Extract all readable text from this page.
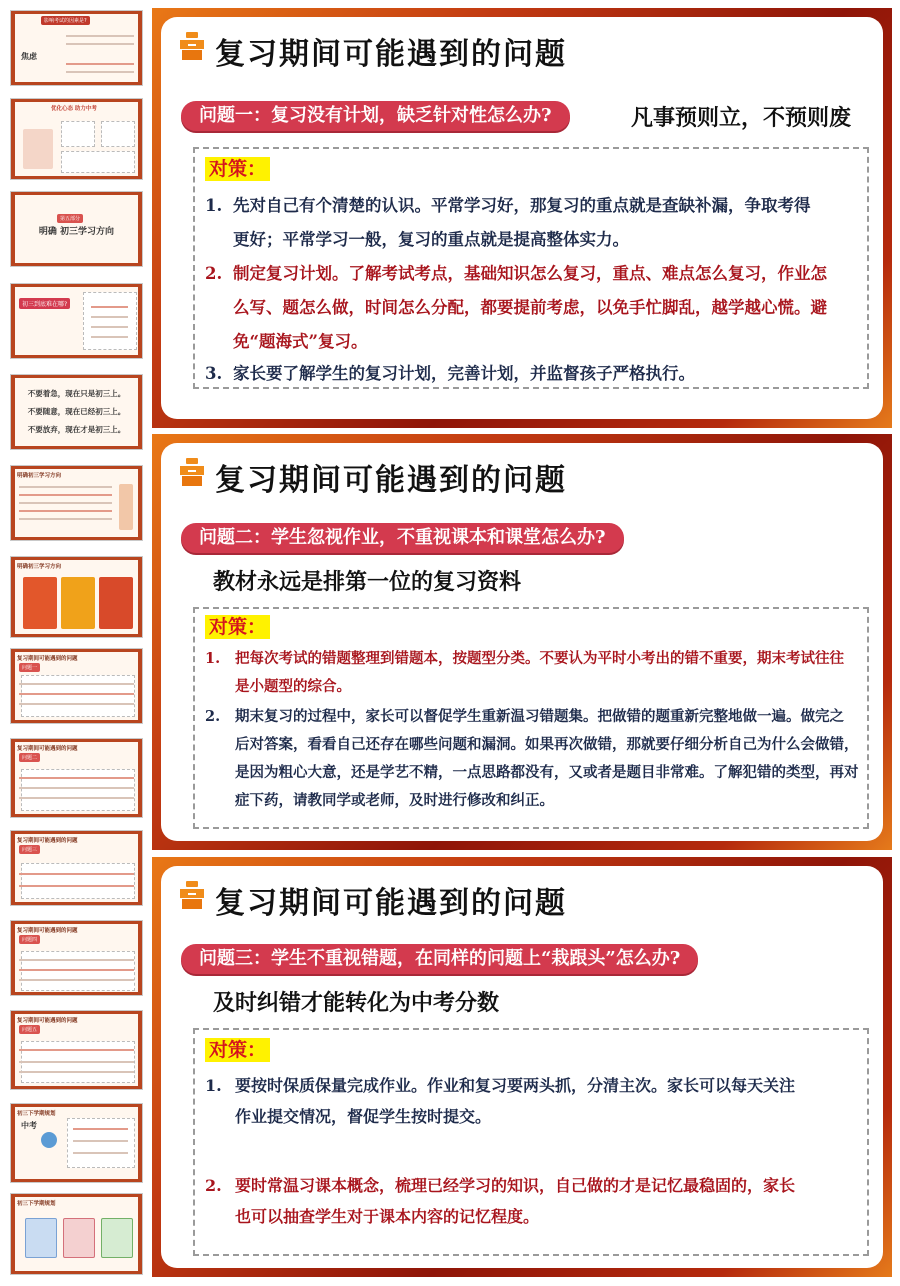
影响考试的因素是?
焦虑
优化心态 助力中考
第五部分
明确 初三学习方向
初三到底难在哪?
不要着急，现在只是初三上。
不要随意，现在已经初三上。
不要放弃，现在才是初三上。
明确初三学习方向
明确初三学习方向
复习期间可能遇到的问题
问题一
复习期间可能遇到的问题
问题二
复习期间可能遇到的问题
问题三
复习期间可能遇到的问题
问题四
复习期间可能遇到的问题
问题五
初三下学期规划
中考
初三下学期规划
复习期间可能遇到的问题
问题一：复习没有计划，缺乏针对性怎么办?	凡事预则立，不预则废
对策：
1. 先对自己有个清楚的认识。平常学习好，那复习的重点就是查缺补漏，争取考得
更好；平常学习一般，复习的重点就是提高整体实力。
2. 制定复习计划。了解考试考点，基础知识怎么复习，重点、难点怎么复习，作业怎
么写、题怎么做，时间怎么分配，都要提前考虑，以免手忙脚乱，越学越心慌。避
免“题海式”复习。
3. 家长要了解学生的复习计划，完善计划，并监督孩子严格执行。
复习期间可能遇到的问题
问题二：学生忽视作业，不重视课本和课堂怎么办?
教材永远是排第一位的复习资料
对策：
1.	把每次考试的错题整理到错题本，按题型分类。不要认为平时小考出的错不重要，期末考试往往
是小题型的综合。
2.	期末复习的过程中，家长可以督促学生重新温习错题集。把做错的题重新完整地做一遍。做完之
后对答案，看看自己还存在哪些问题和漏洞。如果再次做错，那就要仔细分析自己为什么会做错，
是因为粗心大意，还是学艺不精，一点思路都没有，又或者是题目非常难。了解犯错的类型，再对
症下药，请教同学或老师，及时进行修改和纠正。
复习期间可能遇到的问题
问题三：学生不重视错题，在同样的问题上“栽跟头”怎么办?
及时纠错才能转化为中考分数
对策：
1. 要按时保质保量完成作业。作业和复习要两头抓，分清主次。家长可以每天关注
作业提交情况，督促学生按时提交。
2. 要时常温习课本概念，梳理已经学习的知识，自己做的才是记忆最稳固的，家长
也可以抽查学生对于课本内容的记忆程度。
